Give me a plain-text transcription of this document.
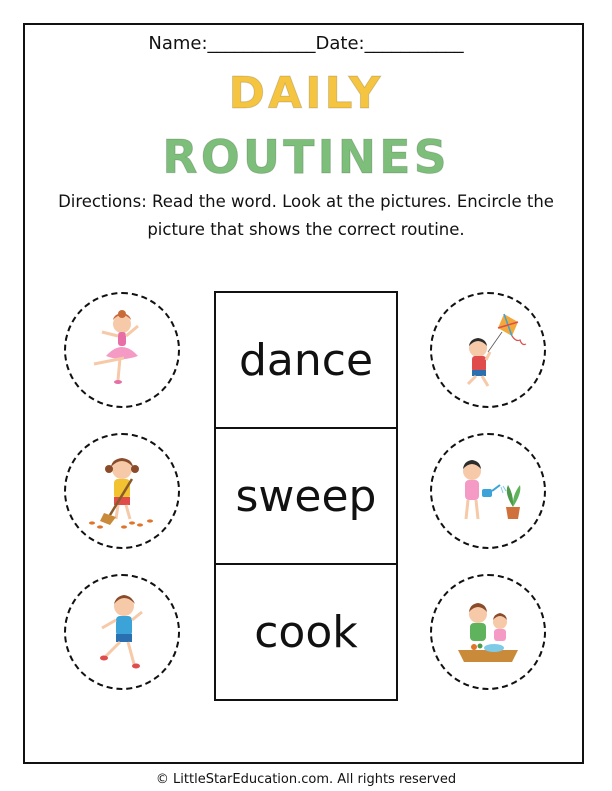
Name:____________Date:___________
DAILY
ROUTINES
Directions: Read the word. Look at the pictures. Encircle the picture that shows the correct routine.
dance
sweep
cook
© LittleStarEducation.com. All rights reserved
